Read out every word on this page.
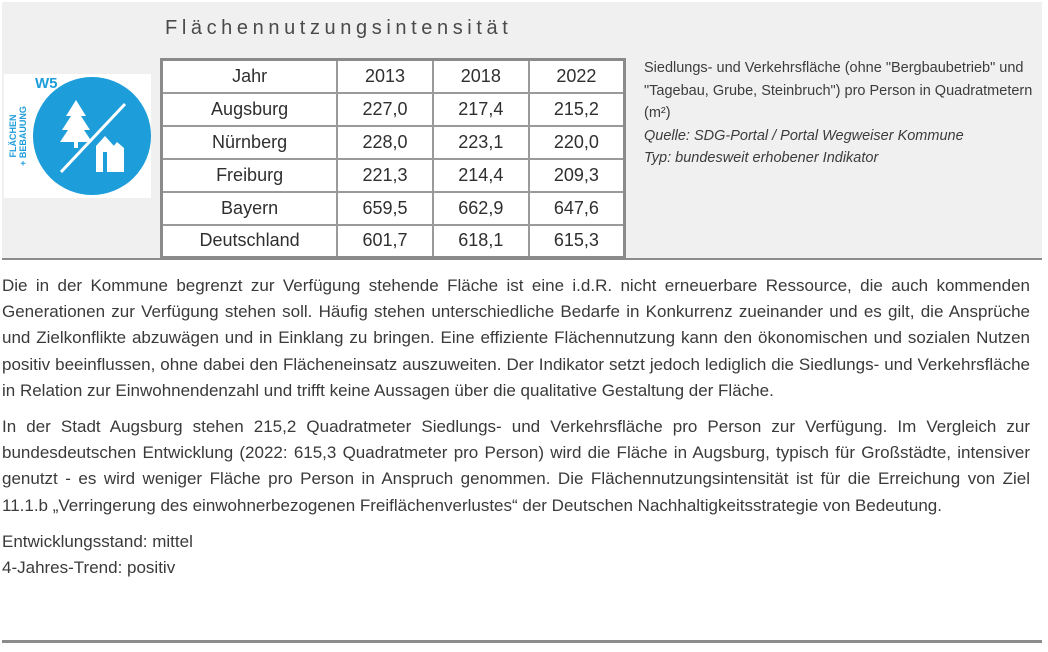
Flächennutzungsintensität
W5
FLÄCHEN + BEBAUUNG
Siedlungs- und Verkehrsfläche (ohne "Bergbaubetrieb" und "Tagebau, Grube, Steinbruch") pro Person in Quadratmetern (m²)
Quelle: SDG-Portal / Portal Wegweiser Kommune
Typ: bundesweit erhobener Indikator
Jahr	2013	2018	2022
Augsburg	227,0	217,4	215,2
Nürnberg	228,0	223,1	220,0
Freiburg	221,3	214,4	209,3
Bayern	659,5	662,9	647,6
Deutschland	601,7	618,1	615,3

Die in der Kommune begrenzt zur Verfügung stehende Fläche ist eine i.d.R. nicht erneuerbare Ressource, die auch kommenden Generationen zur Verfügung stehen soll. Häufig stehen unterschiedliche Bedarfe in Konkurrenz zueinander und es gilt, die Ansprüche und Zielkonflikte abzuwägen und in Einklang zu bringen. Eine effiziente Flächennutzung kann den ökonomischen und sozialen Nutzen positiv beeinflussen, ohne dabei den Flächeneinsatz auszuweiten. Der Indikator setzt jedoch lediglich die Siedlungs- und Verkehrsfläche in Relation zur Einwohnendenzahl und trifft keine Aussagen über die qualitative Gestaltung der Fläche.

In der Stadt Augsburg stehen 215,2 Quadratmeter Siedlungs- und Verkehrsfläche pro Person zur Verfügung. Im Vergleich zur bundesdeutschen Entwicklung (2022: 615,3 Quadratmeter pro Person) wird die Fläche in Augsburg, typisch für Großstädte, intensiver genutzt - es wird weniger Fläche pro Person in Anspruch genommen. Die Flächennutzungsintensität ist für die Erreichung von Ziel 11.1.b „Verringerung des einwohnerbezogenen Freiflächenverlustes“ der Deutschen Nachhaltigkeitsstrategie von Bedeutung.

Entwicklungsstand: mittel
4-Jahres-Trend: positiv
